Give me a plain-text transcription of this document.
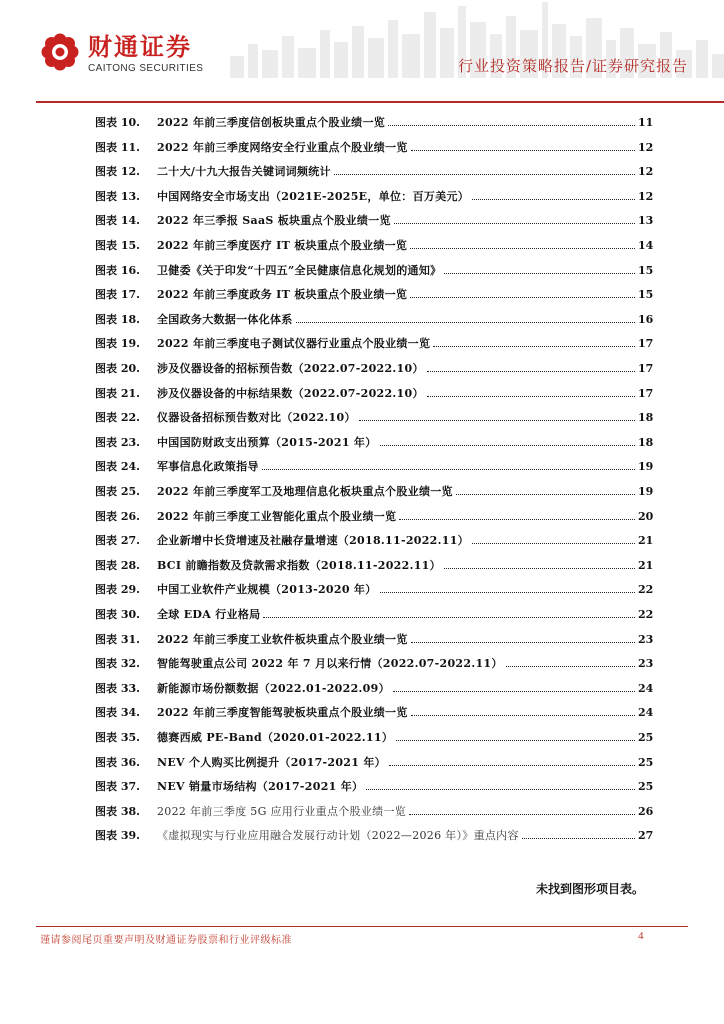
财通证券
CAITONG SECURITIES	行业投资策略报告/证券研究报告
图表 10.	2022 年前三季度信创板块重点个股业绩一览	11
图表 11.	2022 年前三季度网络安全行业重点个股业绩一览	12
图表 12.	二十大/十九大报告关键词词频统计	12
图表 13.	中国网络安全市场支出（2021E-2025E，单位：百万美元）	12
图表 14.	2022 年三季报 SaaS 板块重点个股业绩一览	13
图表 15.	2022 年前三季度医疗 IT 板块重点个股业绩一览	14
图表 16.	卫健委《关于印发“十四五”全民健康信息化规划的通知》	15
图表 17.	2022 年前三季度政务 IT 板块重点个股业绩一览	15
图表 18.	全国政务大数据一体化体系	16
图表 19.	2022 年前三季度电子测试仪器行业重点个股业绩一览	17
图表 20.	涉及仪器设备的招标预告数（2022.07-2022.10）	17
图表 21.	涉及仪器设备的中标结果数（2022.07-2022.10）	17
图表 22.	仪器设备招标预告数对比（2022.10）	18
图表 23.	中国国防财政支出预算（2015-2021 年）	18
图表 24.	军事信息化政策指导	19
图表 25.	2022 年前三季度军工及地理信息化板块重点个股业绩一览	19
图表 26.	2022 年前三季度工业智能化重点个股业绩一览	20
图表 27.	企业新增中长贷增速及社融存量增速（2018.11-2022.11）	21
图表 28.	BCI 前瞻指数及贷款需求指数（2018.11-2022.11）	21
图表 29.	中国工业软件产业规模（2013-2020 年）	22
图表 30.	全球 EDA 行业格局	22
图表 31.	2022 年前三季度工业软件板块重点个股业绩一览	23
图表 32.	智能驾驶重点公司 2022 年 7 月以来行情（2022.07-2022.11）	23
图表 33.	新能源市场份额数据（2022.01-2022.09）	24
图表 34.	2022 年前三季度智能驾驶板块重点个股业绩一览	24
图表 35.	德赛西威 PE-Band（2020.01-2022.11）	25
图表 36.	NEV 个人购买比例提升（2017-2021 年）	25
图表 37.	NEV 销量市场结构（2017-2021 年）	25
图表 38.	2022 年前三季度 5G 应用行业重点个股业绩一览	26
图表 39.	《虚拟现实与行业应用融合发展行动计划（2022—2026 年）》重点内容	27
未找到图形项目表。
谨请参阅尾页重要声明及财通证券股票和行业评级标准	4
